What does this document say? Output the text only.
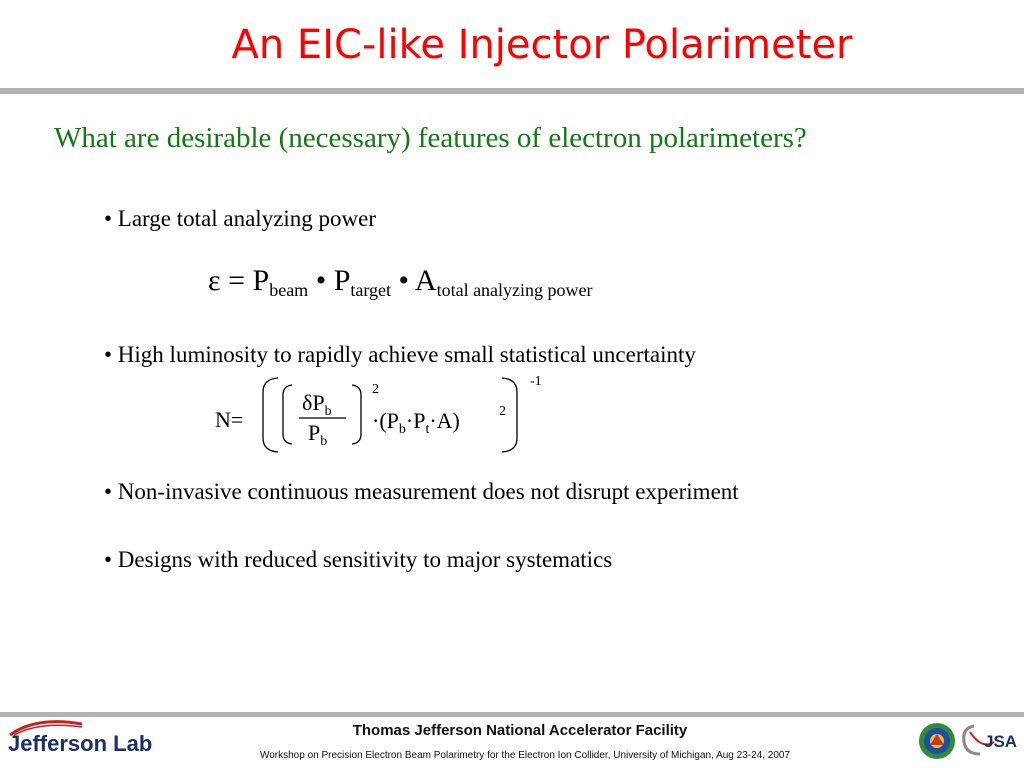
An EIC-like Injector Polarimeter
What are desirable (necessary) features of electron polarimeters?
• Large total analyzing power
$\varepsilon = P_{beam}$ • $P_{target}$ • $A_{total analyzing power}$
• High luminosity to rapidly achieve small statistical uncertainty
N=
$\delta P_b$
$P_b$
2
$\cdot(P_b\cdot P_t\cdot A)$	2
-1
• Non-invasive continuous measurement does not disrupt experiment
• Designs with reduced sensitivity to major systematics
Jefferson Lab
Thomas Jefferson National Accelerator Facility
Workshop on Precision Electron Beam Polarimetry for the Electron Ion Collider, University of Michigan, Aug 23-24, 2007
JSA
